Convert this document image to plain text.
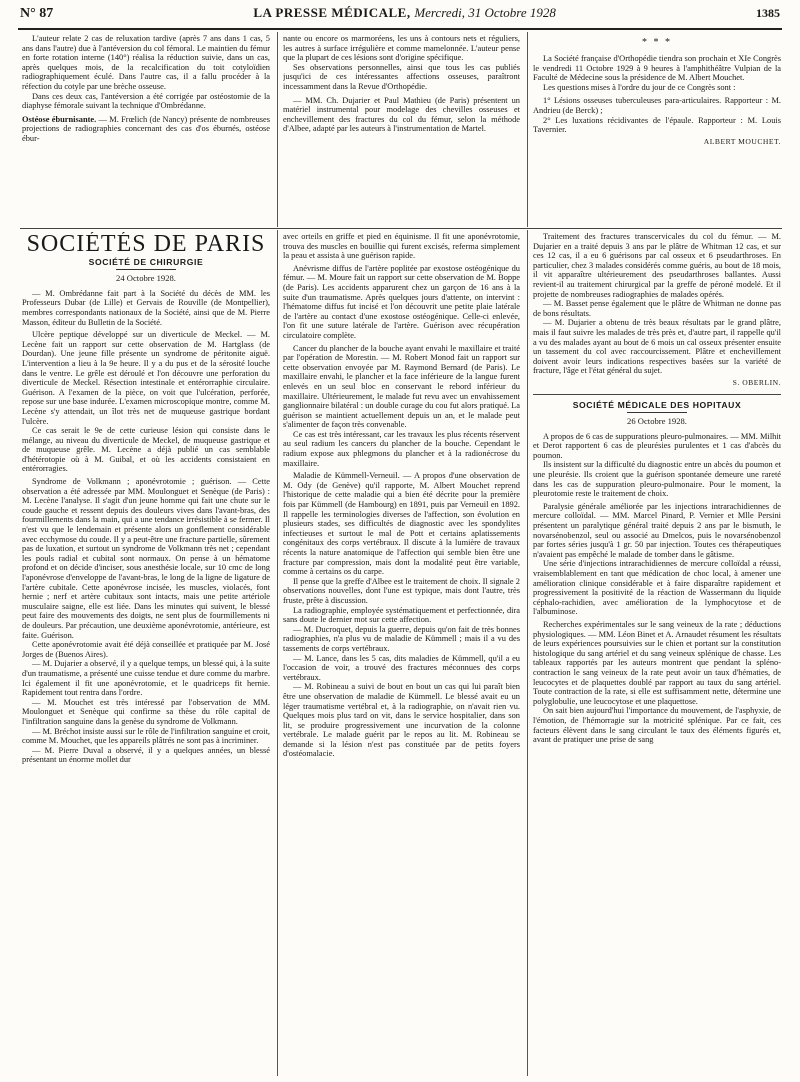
N° 87	LA PRESSE MÉDICALE, Mercredi, 31 Octobre 1928	1385

L'auteur relate 2 cas de reluxation tardive (après 7 ans dans 1 cas, 5 ans dans l'autre) due à l'antéversion du col fémoral. Le maintien du fémur en forte rotation interne (140°) réalisa la réduction suivie, dans un cas, après quelques mois, de la recalcification du toit cotyloïdien radiographiquement éculé. Dans l'autre cas, il a fallu procéder à la réfection du cotyle par une brèche osseuse.

Dans ces deux cas, l'antéversion a été corrigée par ostéostomie de la diaphyse fémorale suivant la technique d'Ombrédanne.

Ostéose éburnisante. — M. Frœlich (de Nancy) présente de nombreuses projections de radiographies concernant des cas d'os éburnés, ostéose ébur-

nante ou encore os marmoréens, les uns à contours nets et réguliers, les autres à surface irrégulière et comme mamelonnée. L'auteur pense que la plupart de ces lésions sont d'origine spécifique.

Ses observations personnelles, ainsi que tous les cas publiés jusqu'ici de ces intéressantes affections osseuses, paraîtront incessamment dans la Revue d'Orthopédie.

— MM. Ch. Dujarier et Paul Mathieu (de Paris) présentent un matériel instrumental pour modelage des chevilles osseuses et enchevillement des fractures du col du fémur, selon la méthode d'Albee, adapté par les auteurs à l'instrumentation de Martel.

* * *

La Société française d'Orthopédie tiendra son prochain et XIe Congrès le vendredi 11 Octobre 1929 à 9 heures à l'amphithéâtre Vulpian de la Faculté de Médecine sous la présidence de M. Albert Mouchet.

Les questions mises à l'ordre du jour de ce Congrès sont :

1° Lésions osseuses tuberculeuses para-articulaires. Rapporteur : M. Andrieu (de Berck) ;

2° Les luxations récidivantes de l'épaule. Rapporteur : M. Louis Tavernier.

ALBERT MOUCHET.
SOCIÉTÉS DE PARIS
SOCIÉTÉ DE CHIRURGIE
24 Octobre 1928.

— M. Ombrédanne fait part à la Société du décès de MM. les Professeurs Dubar (de Lille) et Gervais de Rouville (de Montpellier), membres correspondants nationaux de la Société, ainsi que de M. Pierre Masson, éditeur du Bulletin de la Société.

Ulcère peptique développé sur un diverticule de Meckel. — M. Lecène fait un rapport sur cette observation de M. Hartglass (de Dourdan). Une jeune fille présente un syndrome de péritonite aiguë. L'intervention a lieu à la 9e heure. Il y a du pus et de la sérosité louche dans le ventre. Le grêle est déroulé et l'on découvre une perforation du diverticule de Meckel. Résection intestinale et entérorraphie circulaire. Guérison. A l'examen de la pièce, on voit que l'ulcération, perforée, repose sur une base indurée. L'examen microscopique montre, comme M. Lecène s'y attendait, un îlot très net de muqueuse gastrique bordant l'ulcère.

Ce cas serait le 9e de cette curieuse lésion qui consiste dans le mélange, au niveau du diverticule de Meckel, de muqueuse gastrique et de muqueuse grêle. M. Lecène a déjà publié un cas semblable d'hétérotopie où à M. Guibal, et où les accidents consistaient en entérorragies.

Syndrome de Volkmann ; aponévrotomie ; guérison. — Cette observation a été adressée par MM. Moulonguet et Senèque (de Paris) : M. Lecène l'analyse. Il s'agit d'un jeune homme qui fait une chute sur le coude gauche et ressent depuis des douleurs vives dans l'avant-bras, des fourmillements dans la main, qui a une tendance irrésistible à se fermer. Il n'est vu que le lendemain et présente alors un gonflement considérable avec ecchymose du coude. Il y a peut-être une fracture partielle, sûrement pas de luxation, et surtout un syndrome de Volkmann très net ; cependant les pouls radial et cubital sont normaux. On pense à un hématome profond et on décide d'inciser, sous anesthésie locale, sur 10 cmc de long l'aponévrose d'enveloppe de l'avant-bras, le long de la ligne de ligature de l'artère cubitale. Cette aponévrose incisée, les muscles, violacés, font hernie ; nerf et artère cubitaux sont intacts, mais une petite artériole musculaire saigne, elle est liée. Dans les minutes qui suivent, le blessé peut faire des mouvements des doigts, ne sent plus de fourmillements ni de douleurs. Par précaution, une deuxième aponévrotomie, antérieure, est faite. Guérison.

Cette aponévrotomie avait été déjà conseillée et pratiquée par M. José Jorges de (Buenos Aires).

— M. Dujarier a observé, il y a quelque temps, un blessé qui, à la suite d'un traumatisme, a présenté une cuisse tendue et dure comme du marbre. Ici également il fit une aponévrotomie, et le quadriceps fit hernie. Rapidement tout rentra dans l'ordre.

— M. Mouchet est très intéressé par l'observation de MM. Moulonguet et Senèque qui confirme sa thèse du rôle capital de l'infiltration sanguine dans la genèse du syndrome de Volkmann.

— M. Bréchot insiste aussi sur le rôle de l'infiltration sanguine et croit, comme M. Mouchet, que les appareils plâtrés ne sont pas à incriminer.

— M. Pierre Duval a observé, il y a quelques années, un blessé présentant un énorme mollet dur

avec orteils en griffe et pied en équinisme. Il fit une aponévrotomie, trouva des muscles en bouillie qui furent excisés, referma simplement la peau et assista à une guérison rapide.

Anévrisme diffus de l'artère poplitée par exostose ostéogénique du fémur. — M. Moure fait un rapport sur cette observation de M. Boppe (de Paris). Les accidents apparurent chez un garçon de 16 ans à la suite d'un traumatisme. Après quelques jours d'attente, on intervint : l'hématome diffus fut incisé et l'on découvrit une petite plaie latérale de l'artère au contact d'une exostose ostéogénique. Celle-ci enlevée, l'on fit une suture latérale de l'artère. Guérison avec récupération circulatoire complète.

Cancer du plancher de la bouche ayant envahi le maxillaire et traité par l'opération de Morestin. — M. Robert Monod fait un rapport sur cette observation envoyée par M. Raymond Bernard (de Paris). Le maxillaire envahi, le plancher et la face inférieure de la langue furent enlevés en un seul bloc en conservant le rebord inférieur du maxillaire. Ultérieurement, le malade fut revu avec un envahissement ganglionnaire bilatéral : un double curage du cou fut alors pratiqué. La guérison se maintient actuellement depuis un an, et le malade peut s'alimenter de façon très convenable.

Ce cas est très intéressant, car les travaux les plus récents réservent au seul radium les cancers du plancher de la bouche. Cependant le radium expose aux phlegmons du plancher et à la radionécrose du maxillaire.

Maladie de Kümmell-Verneuil. — A propos d'une observation de M. Ody (de Genève) qu'il rapporte, M. Albert Mouchet reprend l'historique de cette maladie qui a bien été décrite pour la première fois par Kümmell (de Hambourg) en 1891, puis par Verneuil en 1892. Il rappelle les terminologies diverses de l'affection, son évolution en plusieurs stades, ses difficultés de diagnostic avec les spondylites infectieuses et surtout le mal de Pott et certains aplatissements congénitaux des corps vertébraux. Il discute à la lumière de travaux récents la nature anatomique de l'affection qui semble bien être une fracture par compression, mais dont la modalité peut être variable, comme à certains os du carpe.

Il pense que la greffe d'Albee est le traitement de choix. Il signale 2 observations nouvelles, dont l'une est typique, mais dont l'autre, très fruste, prête à discussion.

La radiographie, employée systématiquement et perfectionnée, dira sans doute le dernier mot sur cette affection.

— M. Ducroquet, depuis la guerre, depuis qu'on fait de très bonnes radiographies, n'a plus vu de maladie de Kümmell ; mais il a vu des tassements de corps vertébraux.

— M. Lance, dans les 5 cas, dits maladies de Kümmell, qu'il a eu l'occasion de voir, a trouvé des fractures méconnues des corps vertébraux.

— M. Robineau a suivi de bout en bout un cas qui lui paraît bien être une observation de maladie de Kümmell. Le blessé avait eu un léger traumatisme vertébral et, à la radiographie, on n'avait rien vu. Quelques mois plus tard on vit, dans le service hospitalier, dans son lit, se produire progressivement une incurvation de la colonne vertébrale. Le malade guérit par le repos au lit. M. Robineau se demande si la lésion n'est pas constituée par de petits foyers d'ostéomalacie.

Traitement des fractures transcervicales du col du fémur. — M. Dujarier en a traité depuis 3 ans par le plâtre de Whitman 12 cas, et sur ces 12 cas, il a eu 6 guérisons par cal osseux et 6 pseudarthroses. En particulier, chez 3 malades considérés comme guéris, au bout de 18 mois, il vit apparaître ultérieurement des pseudarthroses ballantes. Aussi revient-il au traitement chirurgical par la greffe de péroné modelé. Et il projette de nombreuses radiographies de malades opérés.

— M. Basset pense également que le plâtre de Whitman ne donne pas de bons résultats.

— M. Dujarier a obtenu de très beaux résultats par le grand plâtre, mais il faut suivre les malades de très près et, d'autre part, il rappelle qu'il a vu des malades ayant au bout de 6 mois un cal osseux présenter ensuite un tassement du col avec raccourcissement. Plâtre et enchevillement doivent avoir leurs indications respectives basées sur la variété de fracture, l'âge et l'état général du sujet.

S. OBERLIN.
SOCIÉTÉ MÉDICALE DES HOPITAUX
26 Octobre 1928.

A propos de 6 cas de suppurations pleuro-pulmonaires. — MM. Milhit et Derot rapportent 6 cas de pleurésies purulentes et 1 cas d'abcès du poumon.

Ils insistent sur la difficulté du diagnostic entre un abcès du poumon et une pleurésie. Ils croient que la guérison spontanée demeure une rareté dans les cas de suppuration pleuro-pulmonaire. Pour le moment, la pleurotomie reste le traitement de choix.

Paralysie générale améliorée par les injections intrarachidiennes de mercure colloïdal. — MM. Marcel Pinard, P. Vernier et Mlle Persini présentent un paralytique général traité depuis 2 ans par le bismuth, le novarsénobenzol, seul ou associé au Dmelcos, puis le novarsénobenzol par fortes séries jusqu'à 1 gr. 50 par injection. Toutes ces thérapeutiques n'avaient pas empêché le malade de tomber dans le gâtisme.

Une série d'injections intrarachidiennes de mercure colloïdal a réussi, vraisemblablement en tant que médication de choc local, à amener une amélioration clinique considérable et à faire disparaître rapidement et progressivement la positivité de la réaction de Wassermann du liquide céphalo-rachidien, avec amélioration de la lymphocytose et de l'albuminose.

Recherches expérimentales sur le sang veineux de la rate ; déductions physiologiques. — MM. Léon Binet et A. Arnaudet résument les résultats de leurs expériences poursuivies sur le chien et portant sur la constitution histologique du sang artériel et du sang veineux splénique de chasse. Les tableaux rapportés par les auteurs montrent que pendant la spléno-contraction le sang veineux de la rate peut avoir un taux d'hématies, de leucocytes et de plaquettes doublé par rapport au taux du sang artériel. Toute contraction de la rate, si elle est suffisamment nette, détermine une polyglobulie, une leucocytose et une plaquettose.

On sait bien aujourd'hui l'importance du mouvement, de l'asphyxie, de l'émotion, de l'hémorragie sur la motricité splénique. Par ce fait, ces facteurs élèvent dans le sang circulant le taux des éléments figurés et, avant de pratiquer une prise de sang
